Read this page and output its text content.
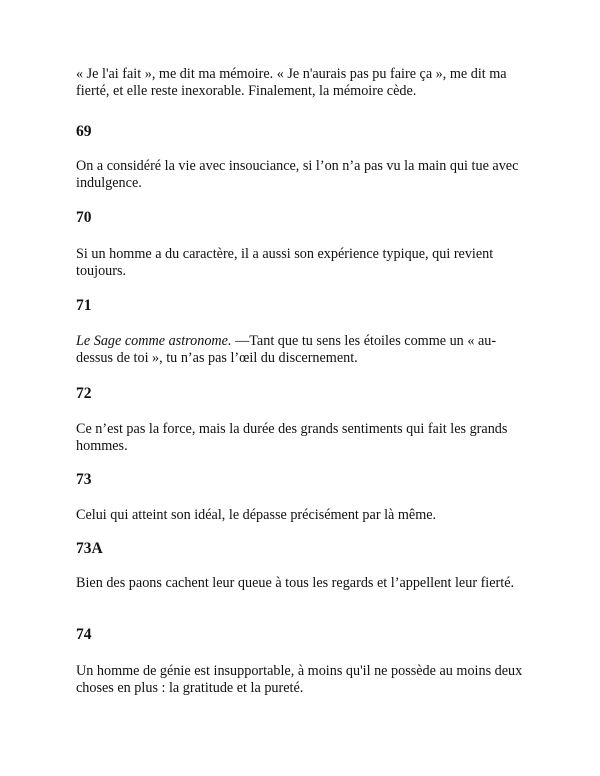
« Je l'ai fait », me dit ma mémoire. « Je n'aurais pas pu faire ça », me dit ma fierté, et elle reste inexorable. Finalement, la mémoire cède.

69

On a considéré la vie avec insouciance, si l’on n’a pas vu la main qui tue avec indulgence.

70

Si un homme a du caractère, il a aussi son expérience typique, qui revient toujours.

71

Le Sage comme astronome. —Tant que tu sens les étoiles comme un « au-dessus de toi », tu n’as pas l’œil du discernement.

72

Ce n’est pas la force, mais la durée des grands sentiments qui fait les grands hommes.

73

Celui qui atteint son idéal, le dépasse précisément par là même.

73A

Bien des paons cachent leur queue à tous les regards et l’appellent leur fierté.

74

Un homme de génie est insupportable, à moins qu'il ne possède au moins deux choses en plus : la gratitude et la pureté.
